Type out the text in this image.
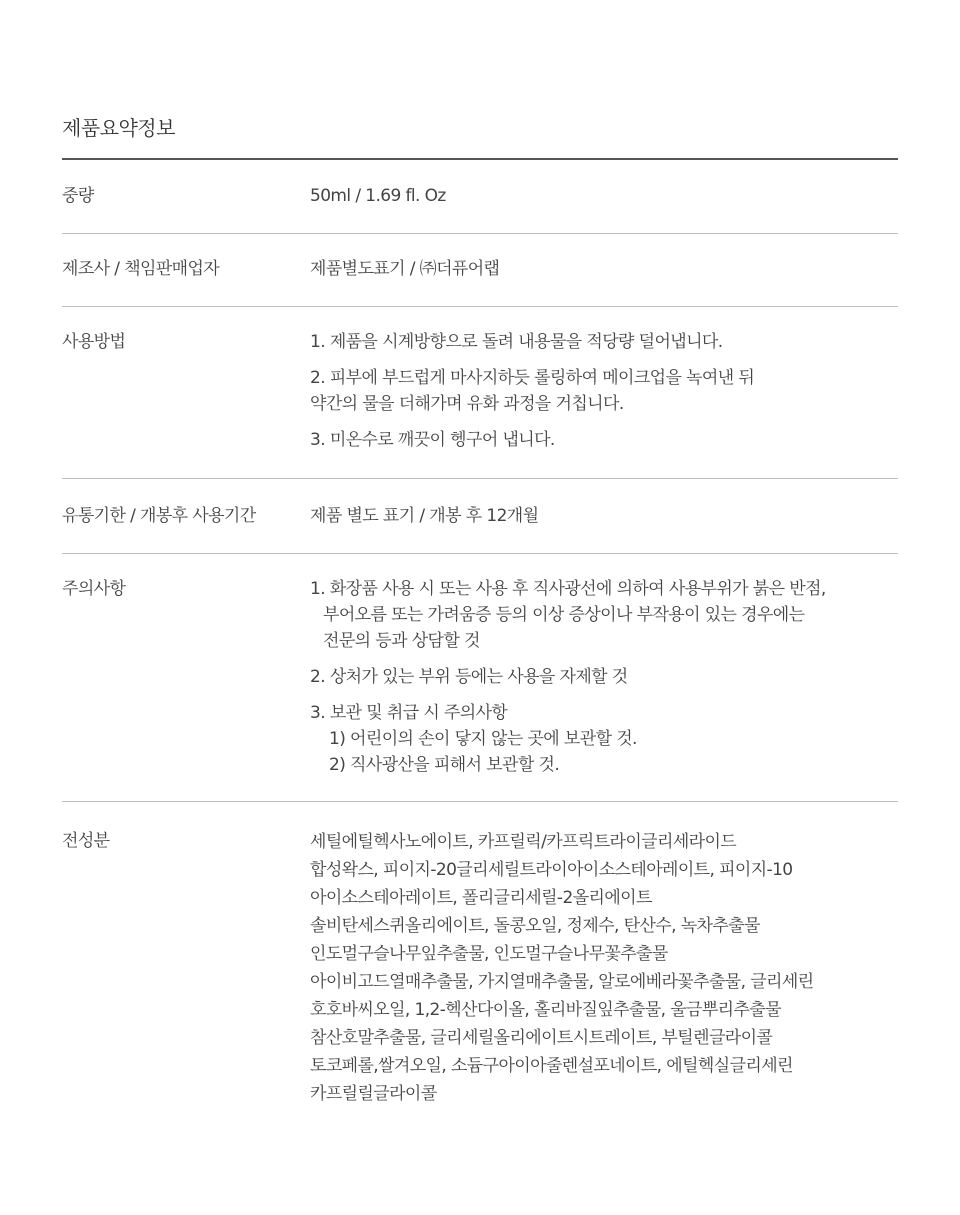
제품요약정보
중량	50ml / 1.69 fl. Oz
제조사 / 책임판매업자	제품별도표기 / ㈜더퓨어랩
사용방법	1. 제품을 시계방향으로 돌려 내용물을 적당량 덜어냅니다.
2. 피부에 부드럽게 마사지하듯 롤링하여 메이크업을 녹여낸 뒤
약간의 물을 더해가며 유화 과정을 거칩니다.
3. 미온수로 깨끗이 헹구어 냅니다.
유통기한 / 개봉후 사용기간	제품 별도 표기 / 개봉 후 12개월
주의사항	1. 화장품 사용 시 또는 사용 후 직사광선에 의하여 사용부위가 붉은 반점,
부어오름 또는 가려움증 등의 이상 증상이나 부작용이 있는 경우에는
전문의 등과 상담할 것
2. 상처가 있는 부위 등에는 사용을 자제할 것
3. 보관 및 취급 시 주의사항
1) 어린이의 손이 닿지 않는 곳에 보관할 것.
2) 직사광산을 피해서 보관할 것.
전성분	세틸에틸헥사노에이트, 카프릴릭/카프릭트라이글리세라이드
합성왁스, 피이지-20글리세릴트라이아이소스테아레이트, 피이지-10
아이소스테아레이트, 폴리글리세릴-2올리에이트
솔비탄세스퀴올리에이트, 돌콩오일, 정제수, 탄산수, 녹차추출물
인도멀구슬나무잎추출물, 인도멀구슬나무꽃추출물
아이비고드열매추출물, 가지열매추출물, 알로에베라꽃추출물, 글리세린
호호바씨오일, 1,2-헥산다이올, 홀리바질잎추출물, 울금뿌리추출물
참산호말추출물, 글리세릴올리에이트시트레이트, 부틸렌글라이콜
토코페롤,쌀겨오일, 소듐구아이아줄렌설포네이트, 에틸헥실글리세린
카프릴릴글라이콜
